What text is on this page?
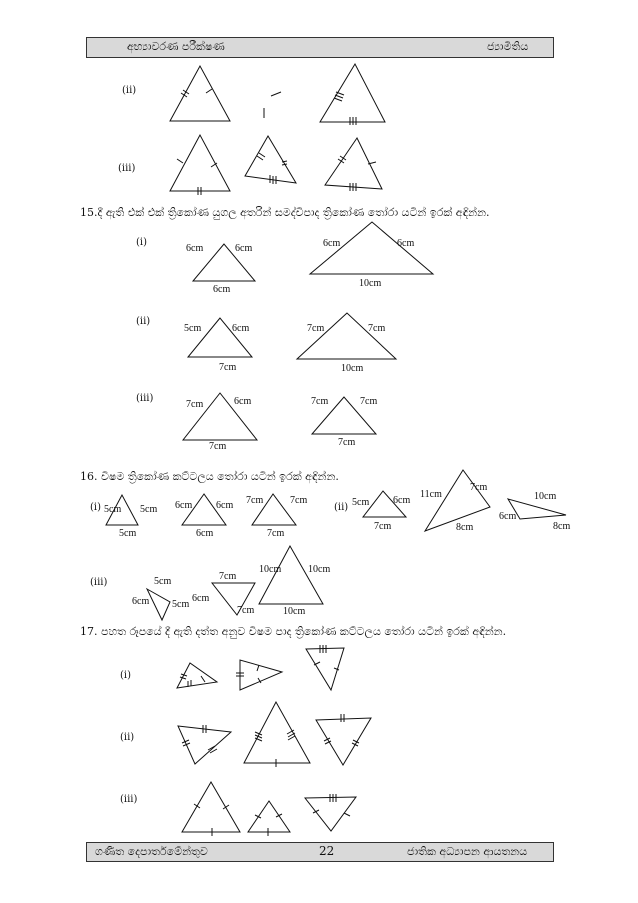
අභ්‍යාවරණ පරීක්ෂණ	ජ්‍යාමිතිය
(ii)
(iii)
15.දී ඇති එක් එක් ත්‍රිකෝණ යුගල අතරින් සමද්විපාද ත්‍රිකෝණ තෝරා යටින් ඉරක් අඳින්න.
(i)
(ii)
(iii)
16. විෂම ත්‍රිකෝණ කට්ටලය තෝරා යටින් ඉරක් අඳින්න.
(i)	(ii)
(iii)
17. පහත රූපයේ දී ඇති දත්ත අනුව විෂම පාද ත්‍රිකෝණ කට්ටලය තෝරා යටින් ඉරක් අඳින්න.
(i)
(ii)
(iii)
6cm	6cm
6cm
6cm	6cm
10cm
5cm	6cm
7cm
7cm	7cm
10cm
7cm	6cm
7cm
7cm	7cm
7cm
5cm 5cm
5cm
6cm 6cm
6cm
7cm	7cm
7cm
5cm 6cm
7cm
11cm
7cm
8cm
10cm
6cm
8cm
5cm
6cm 5cm
7cm
6cm
7cm
10cm	10cm
10cm
ගණිත දෙපාර්තමේන්තුව	22	ජාතික අධ්‍යාපන ආයතනය
